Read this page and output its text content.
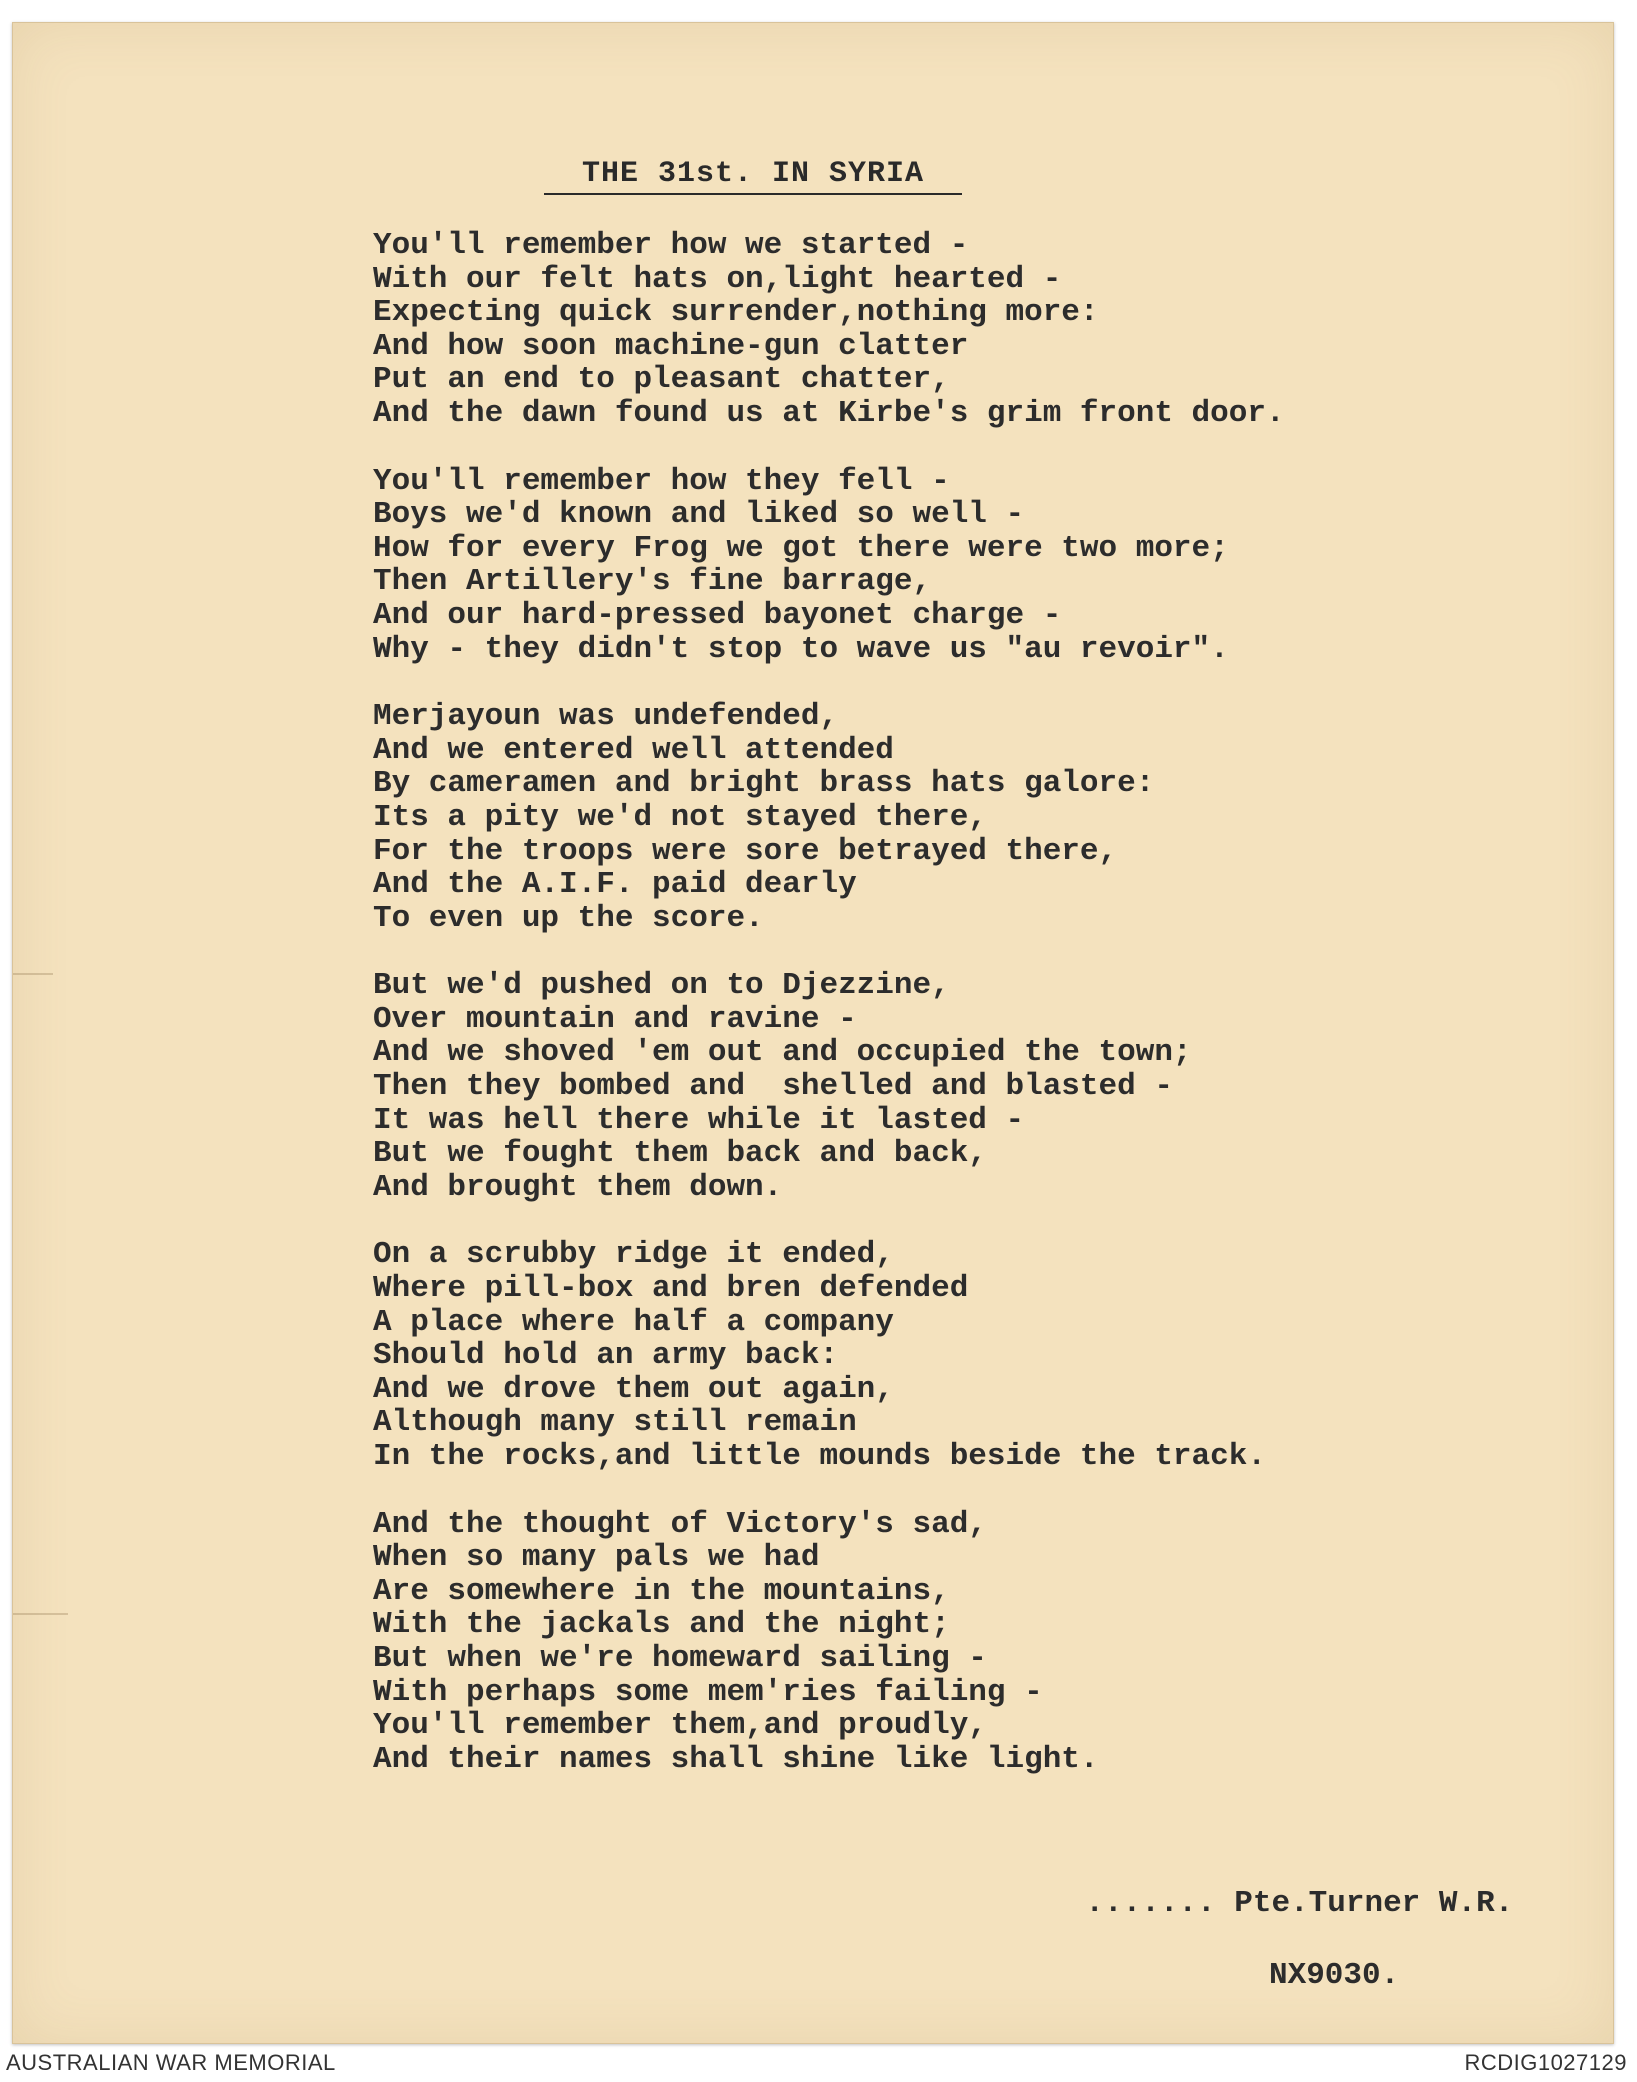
THE 31st. IN SYRIA
You'll remember how we started -
With our felt hats on,light hearted -
Expecting quick surrender,nothing more:
And how soon machine-gun clatter
Put an end to pleasant chatter,
And the dawn found us at Kirbe's grim front door.
You'll remember how they fell -
Boys we'd known and liked so well -
How for every Frog we got there were two more;
Then Artillery's fine barrage,
And our hard-pressed bayonet charge -
Why - they didn't stop to wave us "au revoir".
Merjayoun was undefended,
And we entered well attended
By cameramen and bright brass hats galore:
Its a pity we'd not stayed there,
For the troops were sore betrayed there,
And the A.I.F. paid dearly
To even up the score.
But we'd pushed on to Djezzine,
Over mountain and ravine -
And we shoved 'em out and occupied the town;
Then they bombed and  shelled and blasted -
It was hell there while it lasted -
But we fought them back and back,
And brought them down.
On a scrubby ridge it ended,
Where pill-box and bren defended
A place where half a company
Should hold an army back:
And we drove them out again,
Although many still remain
In the rocks,and little mounds beside the track.
And the thought of Victory's sad,
When so many pals we had
Are somewhere in the mountains,
With the jackals and the night;
But when we're homeward sailing -
With perhaps some mem'ries failing -
You'll remember them,and proudly,
And their names shall shine like light.

....... Pte.Turner W.R.

NX9030.

AUSTRALIAN WAR MEMORIAL	RCDIG1027129
